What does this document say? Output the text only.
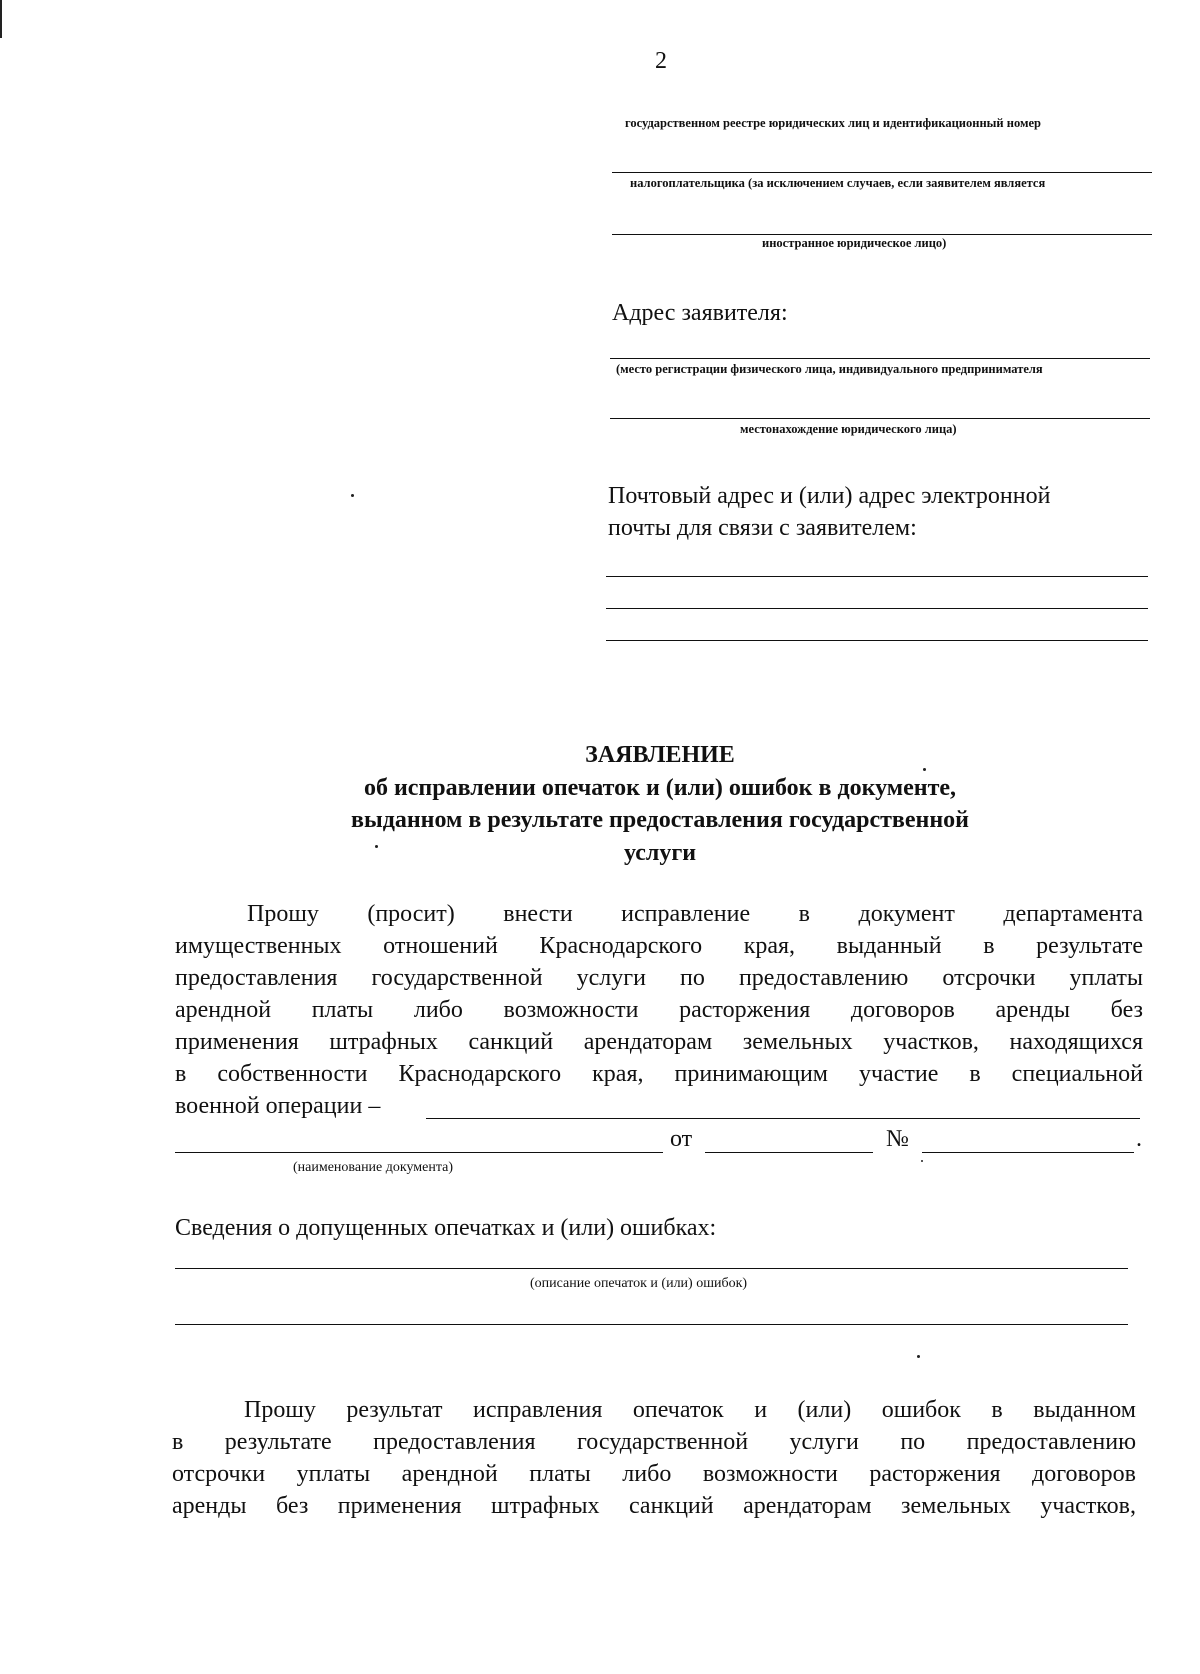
2
государственном реестре юридических лиц и идентификационный номер
налогоплательщика (за исключением случаев, если заявителем является
иностранное юридическое лицо)
Адрес заявителя:
(место регистрации физического лица, индивидуального предпринимателя
местонахождение юридического лица)
Почтовый адрес и (или) адрес электронной
почты для связи с заявителем:
ЗАЯВЛЕНИЕ
об исправлении опечаток и (или) ошибок в документе,
выданном в результате предоставления государственной
услуги
Прошу (просит) внести исправление в документ департамента
имущественных отношений Краснодарского края, выданный в результате
предоставления государственной услуги по предоставлению отсрочки уплаты
арендной платы либо возможности расторжения договоров аренды без
применения штрафных санкций арендаторам земельных участков, находящихся
в собственности Краснодарского края, принимающим участие в специальной
военной операции –
от	№	.
(наименование документа)
Сведения о допущенных опечатках и (или) ошибках:
(описание опечаток и (или) ошибок)
Прошу результат исправления опечаток и (или) ошибок в выданном
в результате предоставления государственной услуги по предоставлению
отсрочки уплаты арендной платы либо возможности расторжения договоров
аренды без применения штрафных санкций арендаторам земельных участков,
